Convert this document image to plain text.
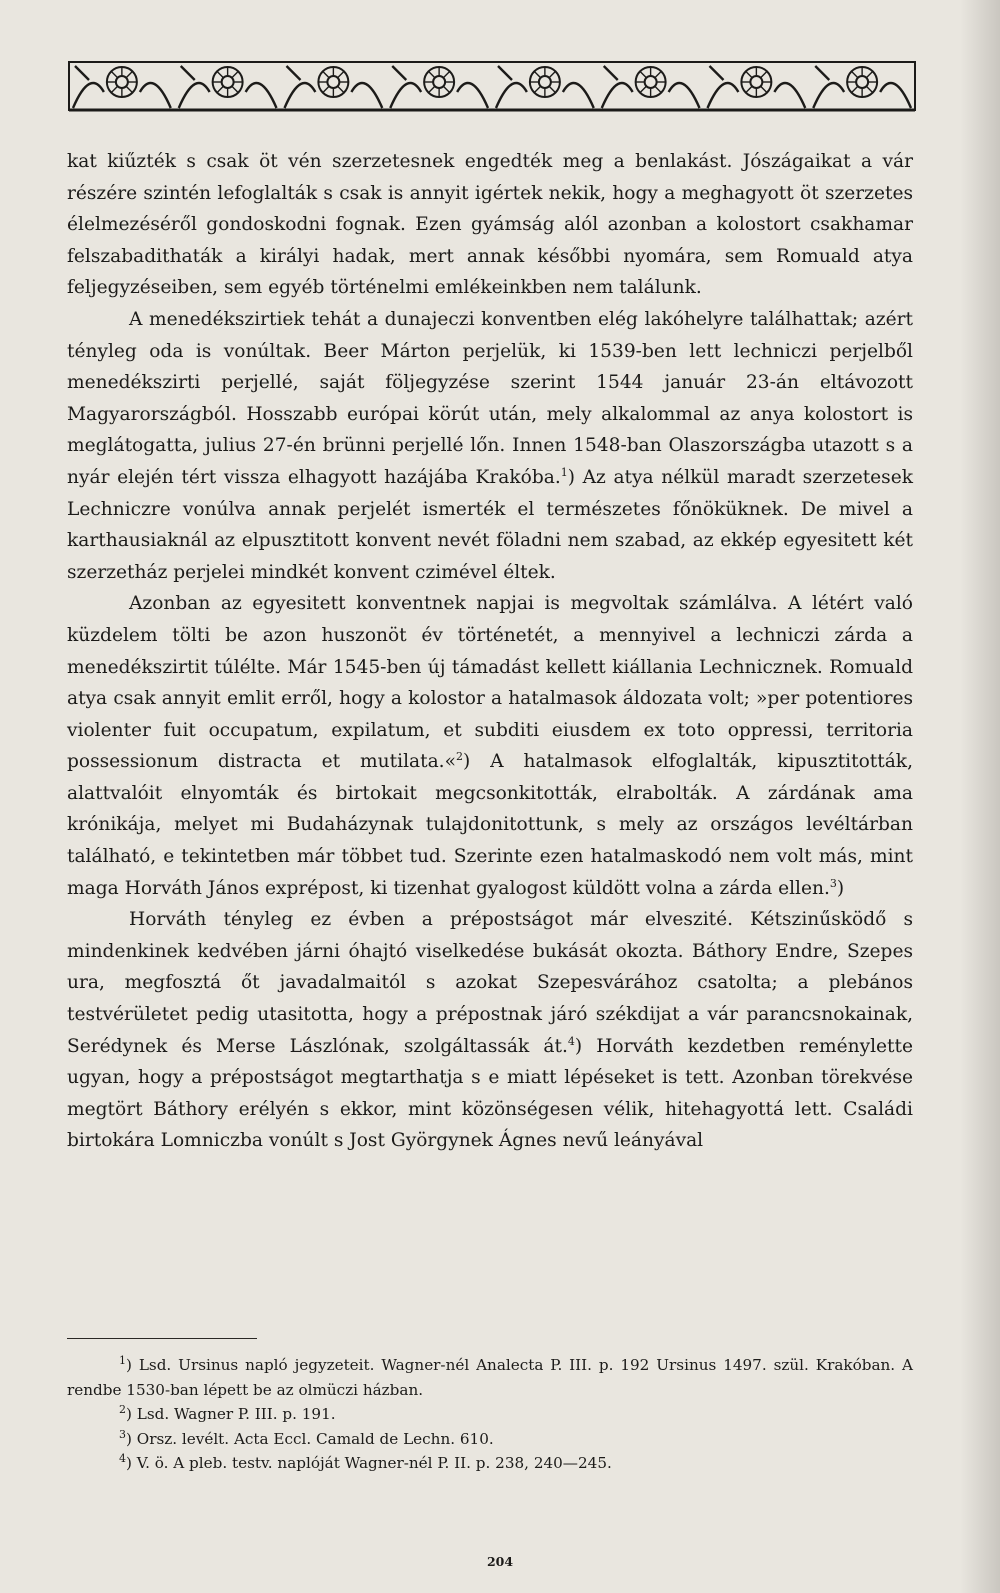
kat kiűzték s csak öt vén szerzetesnek engedték meg a benlakást. Jószágaikat a vár részére szintén lefoglalták s csak is annyit igértek nekik, hogy a meghagyott öt szerzetes élelmezéséről gondoskodni fognak. Ezen gyámság alól azonban a kolostort csakhamar felszabadithaták a királyi hadak, mert annak későbbi nyomára, sem Romuald atya feljegyzéseiben, sem egyéb történelmi emlékeinkben nem találunk.

A menedékszirtiek tehát a dunajeczi konventben elég lakóhelyre találhattak; azért tényleg oda is vonúltak. Beer Márton perjelük, ki 1539-ben lett lechniczi perjelből menedékszirti perjellé, saját följegyzése szerint 1544 január 23-án eltávozott Magyarországból. Hosszabb európai körút után, mely alkalommal az anya kolostort is meglátogatta, julius 27-én brünni perjellé lőn. Innen 1548-ban Olaszországba utazott s a nyár elején tért vissza elhagyott hazájába Krakóba.$^1$) Az atya nélkül maradt szerzetesek Lechniczre vonúlva annak perjelét ismerték el természetes főnöküknek. De mivel a karthausiaknál az elpusztitott konvent nevét föladni nem szabad, az ekkép egyesitett két szerzetház perjelei mindkét konvent czimével éltek.

Azonban az egyesitett konventnek napjai is megvoltak számlálva. A létért való küzdelem tölti be azon huszonöt év történetét, a mennyivel a lechniczi zárda a menedékszirtit túlélte. Már 1545-ben új támadást kellett kiállania Lechnicznek. Romuald atya csak annyit emlit erről, hogy a kolostor a hatalmasok áldozata volt; »per potentiores violenter fuit occupatum, expilatum, et subditi eiusdem ex toto oppressi, territoria possessionum distracta et mutilata.«$^2$) A hatalmasok elfoglalták, kipusztitották, alattvalóit elnyomták és birtokait megcsonkitották, elrabolták. A zárdának ama krónikája, melyet mi Budaházynak tulajdonitottunk, s mely az országos levéltárban található, e tekintetben már többet tud. Szerinte ezen hatalmaskodó nem volt más, mint maga Horváth János exprépost, ki tizenhat gyalogost küldött volna a zárda ellen.$^3$)

Horváth tényleg ez évben a prépostságot már elveszité. Kétszinűsködő s mindenkinek kedvében járni óhajtó viselkedése bukását okozta. Báthory Endre, Szepes ura, megfosztá őt javadalmaitól s azokat Szepesvárához csatolta; a plebános testvérületet pedig utasitotta, hogy a prépostnak járó székdijat a vár parancsnokainak, Serédynek és Merse Lászlónak, szolgáltassák át.$^4$) Horváth kezdetben reménylette ugyan, hogy a prépostságot megtarthatja s e miatt lépéseket is tett. Azonban törekvése megtört Báthory erélyén s ekkor, mint közönségesen vélik, hitehagyottá lett. Családi birtokára Lomniczba vonúlt s Jost Györgynek Ágnes nevű leányával

$^1$) Lsd. Ursinus napló jegyzeteit. Wagner-nél Analecta P. III. p. 192 Ursinus 1497. szül. Krakóban. A rendbe 1530-ban lépett be az olmüczi házban.

$^2$) Lsd. Wagner P. III. p. 191.

$^3$) Orsz. levélt. Acta Eccl. Camald de Lechn. 610.

$^4$) V. ö. A pleb. testv. naplóját Wagner-nél P. II. p. 238, 240—245.

204
